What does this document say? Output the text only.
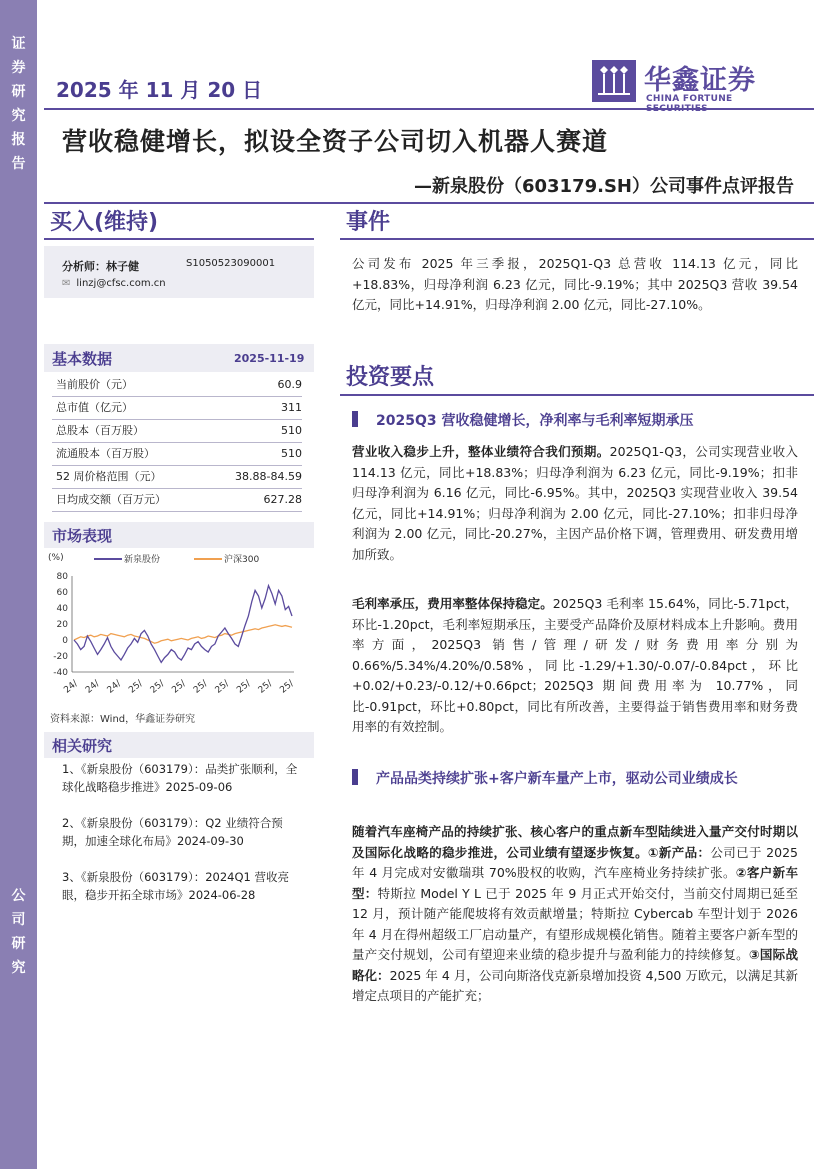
证
券
研
究
报
告
公
司
研
究
2025 年 11 月 20 日	华鑫证券
CHINA FORTUNE
营收稳健增长，拟设全资子公司切入机器人赛道
—新泉股份（603179.SH）公司事件点评报告
买入(维持)
分析师：林子健	S1050523090001
✉ linzj@cfsc.com.cn
基本数据	2025-11-19
当前股价（元）	60.9
总市值（亿元）	311
总股本（百万股）	510
流通股本（百万股）	510
52 周价格范围（元）	38.88-84.59
日均成交额（百万元）	627.28
市场表现
(%)	新泉股份	沪深300
80
60
40
20
0
-20
-40
24/ 24/ 24/ 25/ 25/ 25/ 25/ 25/ 25/ 25/ 25/
资料来源：Wind，华鑫证券研究
相关研究
1、《新泉股份（603179）：品类扩张顺利，全球化战略稳步推进》2025-09-06
2、《新泉股份（603179）：Q2 业绩符合预期，加速全球化布局》2024-09-30
3、《新泉股份（603179）：2024Q1 营收亮眼，稳步开拓全球市场》2024-06-28
事件
公司发布 2025 年三季报，2025Q1-Q3 总营收 114.13 亿元，同比+18.83%，归母净利润 6.23 亿元，同比-9.19%；其中 2025Q3 营收 39.54 亿元，同比+14.91%，归母净利润 2.00 亿元，同比-27.10%。
投资要点
2025Q3 营收稳健增长，净利率与毛利率短期承压
营业收入稳步上升，整体业绩符合我们预期。2025Q1-Q3，公司实现营业收入 114.13 亿元，同比+18.83%；归母净利润为 6.23 亿元，同比-9.19%；扣非归母净利润为 6.16 亿元，同比-6.95%。其中，2025Q3 实现营业收入 39.54 亿元，同比+14.91%；归母净利润为 2.00 亿元，同比-27.10%；扣非归母净利润为 2.00 亿元，同比-20.27%，主因产品价格下调，管理费用、研发费用增加所致。
毛利率承压，费用率整体保持稳定。2025Q3 毛利率 15.64%，同比-5.71pct，环比-1.20pct，毛利率短期承压，主要受产品降价及原材料成本上升影响。费用率方面，2025Q3 销售/管理/研发/财务费用率分别为 0.66%/5.34%/4.20%/0.58%，同比-1.29/+1.30/-0.07/-0.84pct，环比+0.02/+0.23/-0.12/+0.66pct；2025Q3 期间费用率为 10.77%，同比-0.91pct，环比+0.80pct，同比有所改善，主要得益于销售费用率和财务费用率的有效控制。
产品品类持续扩张+客户新车量产上市，驱动公司业绩成长
随着汽车座椅产品的持续扩张、核心客户的重点新车型陆续进入量产交付时期以及国际化战略的稳步推进，公司业绩有望逐步恢复。①新产品：公司已于 2025 年 4 月完成对安徽瑞琪 70%股权的收购，汽车座椅业务持续扩张。②客户新车型：特斯拉 Model Y L 已于 2025 年 9 月正式开始交付，当前交付周期已延至 12 月，预计随产能爬坡将有效贡献增量；特斯拉 Cybercab 车型计划于 2026 年 4 月在得州超级工厂启动量产，有望形成规模化销售。随着主要客户新车型的量产交付规划，公司有望迎来业绩的稳步提升与盈利能力的持续修复。③国际战略化：2025 年 4 月，公司向斯洛伐克新泉增加投资 4,500 万欧元，以满足其新增定点项目的产能扩充；
